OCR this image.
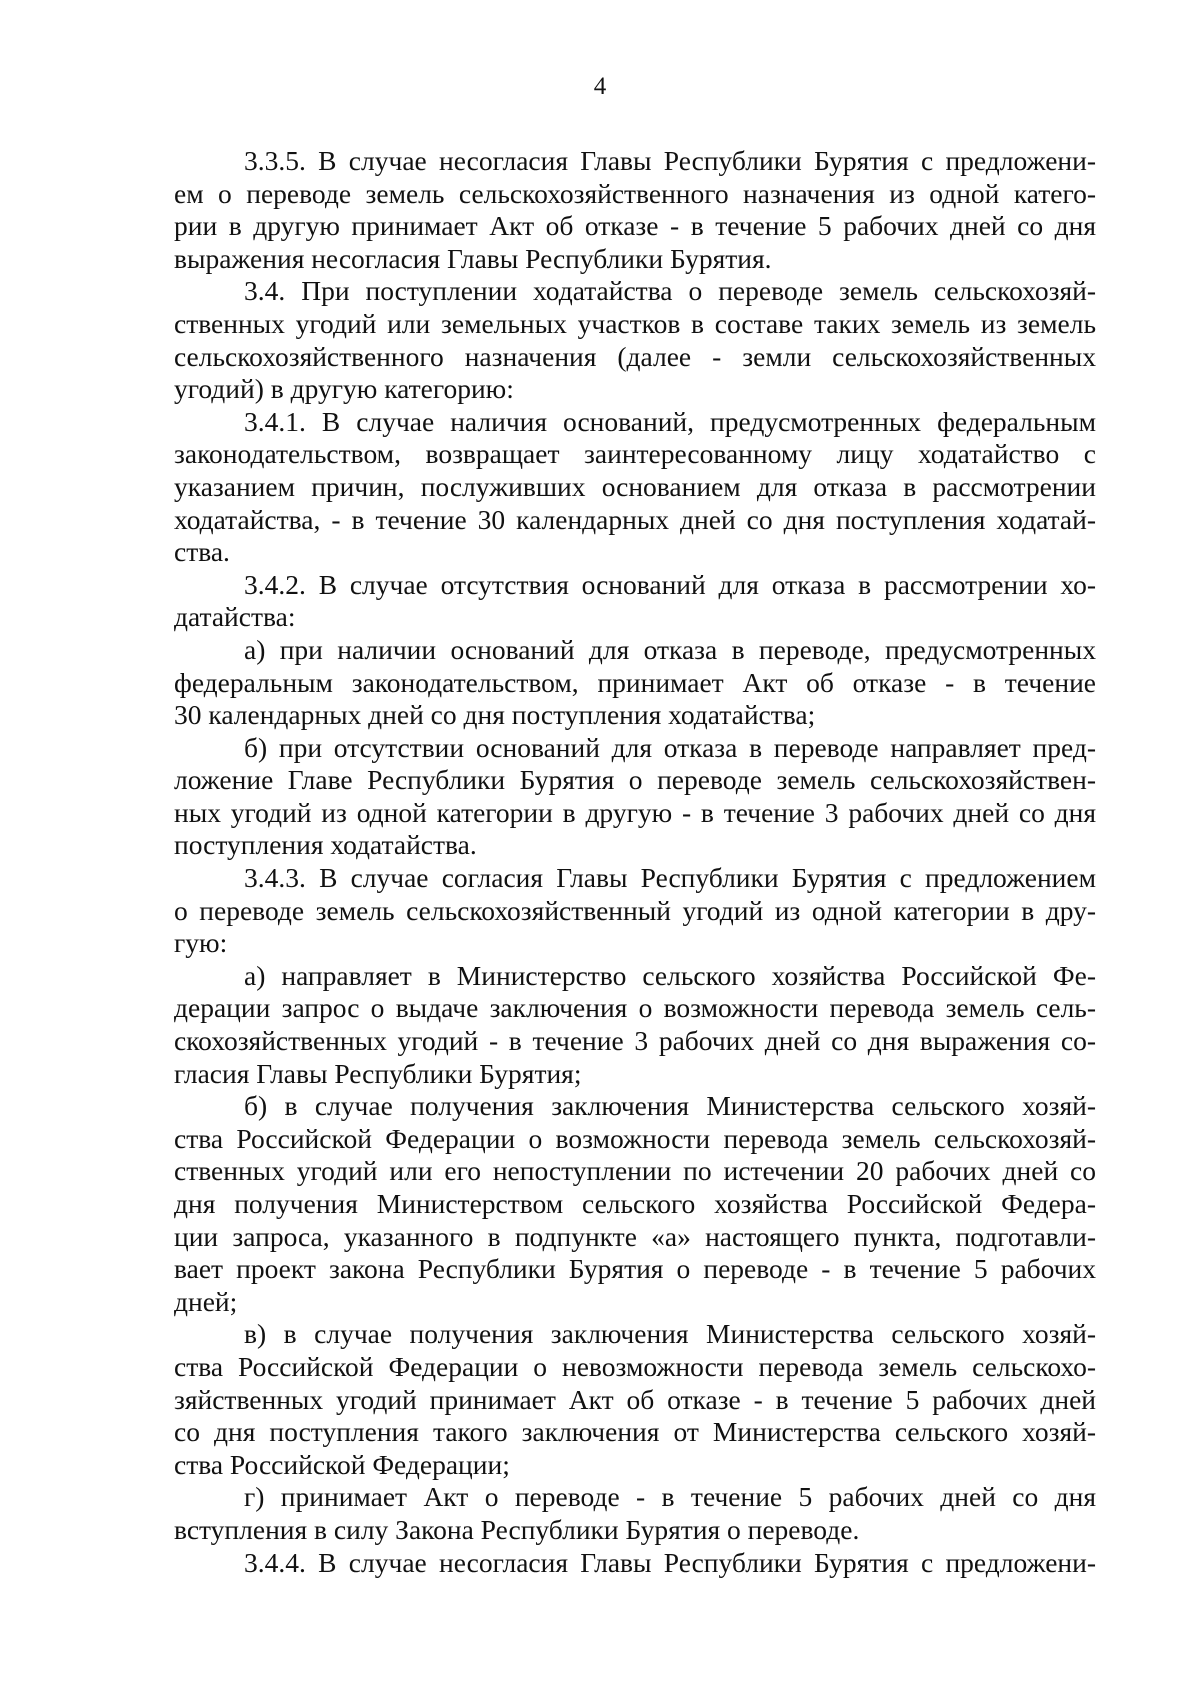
4
3.3.5. В случае несогласия Главы Республики Бурятия с предложени-
ем о переводе земель сельскохозяйственного назначения из одной катего-
рии в другую принимает Акт об отказе - в течение 5 рабочих дней со дня
выражения несогласия Главы Республики Бурятия.
3.4. При поступлении ходатайства о переводе земель сельскохозяй-
ственных угодий или земельных участков в составе таких земель из земель
сельскохозяйственного назначения (далее - земли сельскохозяйственных
угодий) в другую категорию:
3.4.1. В случае наличия оснований, предусмотренных федеральным
законодательством, возвращает заинтересованному лицу ходатайство с
указанием причин, послуживших основанием для отказа в рассмотрении
ходатайства, - в течение 30 календарных дней со дня поступления ходатай-
ства.
3.4.2. В случае отсутствия оснований для отказа в рассмотрении хо-
датайства:
а) при наличии оснований для отказа в переводе, предусмотренных
федеральным законодательством, принимает Акт об отказе - в течение
30 календарных дней со дня поступления ходатайства;
б) при отсутствии оснований для отказа в переводе направляет пред-
ложение Главе Республики Бурятия о переводе земель сельскохозяйствен-
ных угодий из одной категории в другую - в течение 3 рабочих дней со дня
поступления ходатайства.
3.4.3. В случае согласия Главы Республики Бурятия с предложением
о переводе земель сельскохозяйственный угодий из одной категории в дру-
гую:
а) направляет в Министерство сельского хозяйства Российской Фе-
дерации запрос о выдаче заключения о возможности перевода земель сель-
скохозяйственных угодий - в течение 3 рабочих дней со дня выражения со-
гласия Главы Республики Бурятия;
б) в случае получения заключения Министерства сельского хозяй-
ства Российской Федерации о возможности перевода земель сельскохозяй-
ственных угодий или его непоступлении по истечении 20 рабочих дней со
дня получения Министерством сельского хозяйства Российской Федера-
ции запроса, указанного в подпункте «а» настоящего пункта, подготавли-
вает проект закона Республики Бурятия о переводе - в течение 5 рабочих
дней;
в) в случае получения заключения Министерства сельского хозяй-
ства Российской Федерации о невозможности перевода земель сельскохо-
зяйственных угодий принимает Акт об отказе - в течение 5 рабочих дней
со дня поступления такого заключения от Министерства сельского хозяй-
ства Российской Федерации;
г) принимает Акт о переводе - в течение 5 рабочих дней со дня
вступления в силу Закона Республики Бурятия о переводе.
3.4.4. В случае несогласия Главы Республики Бурятия с предложени-
